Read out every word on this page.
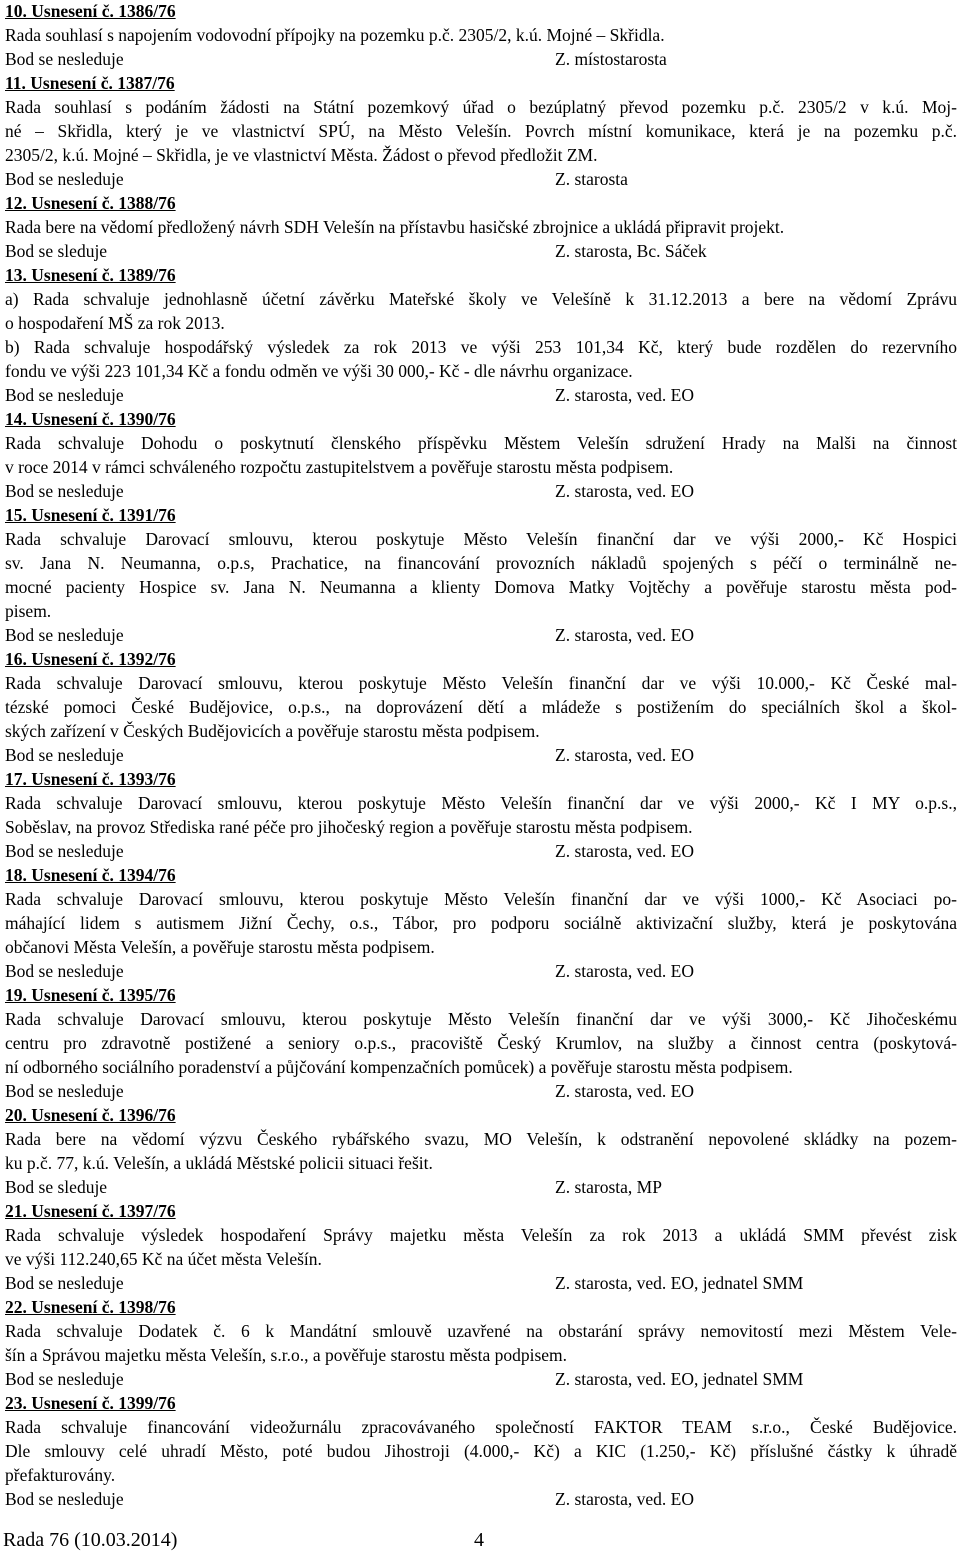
10. Usnesení č. 1386/76
Rada souhlasí s napojením vodovodní přípojky na pozemku p.č. 2305/2, k.ú. Mojné – Skřidla.
Bod se nesleduje	Z. místostarosta
11. Usnesení č. 1387/76
Rada souhlasí s podáním žádosti na Státní pozemkový úřad o bezúplatný převod pozemku p.č. 2305/2 v k.ú. Moj-
né – Skřidla, který je ve vlastnictví SPÚ, na Město Velešín. Povrch místní komunikace, která je na pozemku p.č.
2305/2, k.ú. Mojné – Skřidla, je ve vlastnictví Města. Žádost o převod předložit ZM.
Bod se nesleduje	Z. starosta
12. Usnesení č. 1388/76
Rada bere na vědomí předložený návrh SDH Velešín na přístavbu hasičské zbrojnice a ukládá připravit projekt.
Bod se sleduje	Z. starosta, Bc. Sáček
13. Usnesení č. 1389/76
a) Rada schvaluje jednohlasně účetní závěrku Mateřské školy ve Velešíně k 31.12.2013 a bere na vědomí Zprávu
o hospodaření MŠ za rok 2013.
b) Rada schvaluje hospodářský výsledek za rok 2013 ve výši 253 101,34 Kč, který bude rozdělen do rezervního
fondu ve výši 223 101,34 Kč a fondu odměn ve výši 30 000,- Kč - dle návrhu organizace.
Bod se nesleduje	Z. starosta, ved. EO
14. Usnesení č. 1390/76
Rada schvaluje Dohodu o poskytnutí členského příspěvku Městem Velešín sdružení Hrady na Malši na činnost
v roce 2014 v rámci schváleného rozpočtu zastupitelstvem a pověřuje starostu města podpisem.
Bod se nesleduje	Z. starosta, ved. EO
15. Usnesení č. 1391/76
Rada schvaluje Darovací smlouvu, kterou poskytuje Město Velešín finanční dar ve výši 2000,- Kč Hospici
sv. Jana N. Neumanna, o.p.s, Prachatice, na financování provozních nákladů spojených s péčí o terminálně ne-
mocné pacienty Hospice sv. Jana N. Neumanna a klienty Domova Matky Vojtěchy a pověřuje starostu města pod-
pisem.
Bod se nesleduje	Z. starosta, ved. EO
16. Usnesení č. 1392/76
Rada schvaluje Darovací smlouvu, kterou poskytuje Město Velešín finanční dar ve výši 10.000,- Kč České mal-
tézské pomoci České Budějovice, o.p.s., na doprovázení dětí a mládeže s postižením do speciálních škol a škol-
ských zařízení v Českých Budějovicích a pověřuje starostu města podpisem.
Bod se nesleduje	Z. starosta, ved. EO
17. Usnesení č. 1393/76
Rada schvaluje Darovací smlouvu, kterou poskytuje Město Velešín finanční dar ve výši 2000,- Kč I MY o.p.s.,
Soběslav, na provoz Střediska rané péče pro jihočeský region a pověřuje starostu města podpisem.
Bod se nesleduje	Z. starosta, ved. EO
18. Usnesení č. 1394/76
Rada schvaluje Darovací smlouvu, kterou poskytuje Město Velešín finanční dar ve výši 1000,- Kč Asociaci po-
máhající lidem s autismem Jižní Čechy, o.s., Tábor, pro podporu sociálně aktivizační služby, která je poskytována
občanovi Města Velešín, a pověřuje starostu města podpisem.
Bod se nesleduje	Z. starosta, ved. EO
19. Usnesení č. 1395/76
Rada schvaluje Darovací smlouvu, kterou poskytuje Město Velešín finanční dar ve výši 3000,- Kč Jihočeskému
centru pro zdravotně postižené a seniory o.p.s., pracoviště Český Krumlov, na služby a činnost centra (poskytová-
ní odborného sociálního poradenství a půjčování kompenzačních pomůcek) a pověřuje starostu města podpisem.
Bod se nesleduje	Z. starosta, ved. EO
20. Usnesení č. 1396/76
Rada bere na vědomí výzvu Českého rybářského svazu, MO Velešín, k odstranění nepovolené skládky na pozem-
ku p.č. 77, k.ú. Velešín, a ukládá Městské policii situaci řešit.
Bod se sleduje	Z. starosta, MP
21. Usnesení č. 1397/76
Rada schvaluje výsledek hospodaření Správy majetku města Velešín za rok 2013 a ukládá SMM převést zisk
ve výši 112.240,65 Kč na účet města Velešín.
Bod se nesleduje	Z. starosta, ved. EO, jednatel SMM
22. Usnesení č. 1398/76
Rada schvaluje Dodatek č. 6 k Mandátní smlouvě uzavřené na obstarání správy nemovitostí mezi Městem Vele-
šín a Správou majetku města Velešín, s.r.o., a pověřuje starostu města podpisem.
Bod se nesleduje	Z. starosta, ved. EO, jednatel SMM
23. Usnesení č. 1399/76
Rada schvaluje financování videožurnálu zpracovávaného společností FAKTOR TEAM s.r.o., České Budějovice.
Dle smlouvy celé uhradí Město, poté budou Jihostroji (4.000,- Kč) a KIC (1.250,- Kč) příslušné částky k úhradě
přefakturovány.
Bod se nesleduje	Z. starosta, ved. EO
Rada 76 (10.03.2014)	4
